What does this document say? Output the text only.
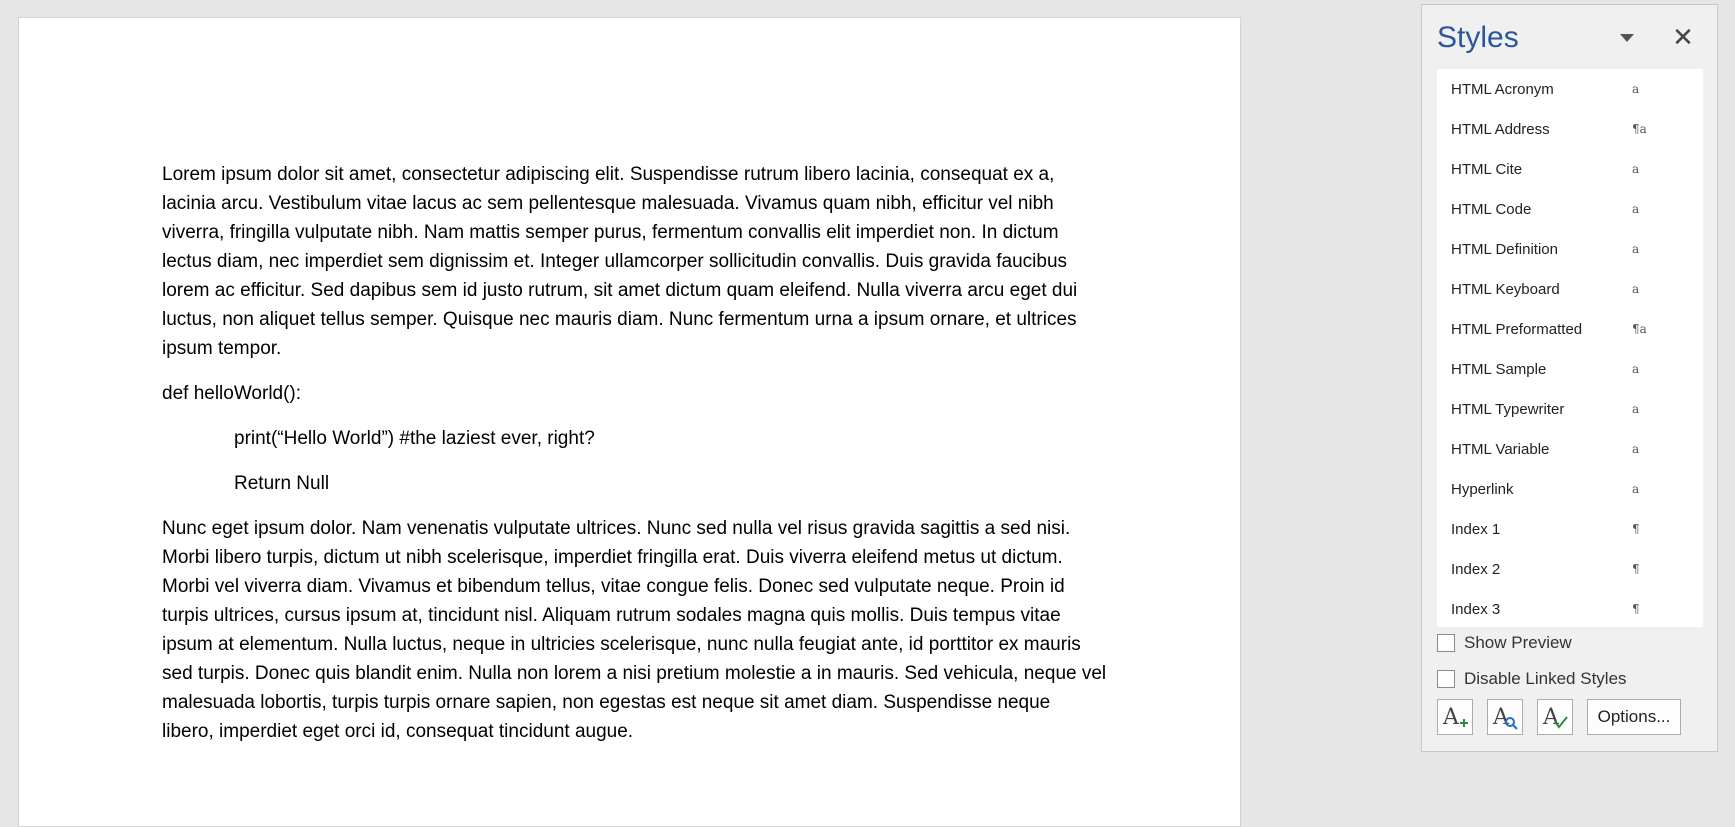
Lorem ipsum dolor sit amet, consectetur adipiscing elit. Suspendisse rutrum libero lacinia, consequat ex a, lacinia arcu. Vestibulum vitae lacus ac sem pellentesque malesuada. Vivamus quam nibh, efficitur vel nibh viverra, fringilla vulputate nibh. Nam mattis semper purus, fermentum convallis elit imperdiet non. In dictum lectus diam, nec imperdiet sem dignissim et. Integer ullamcorper sollicitudin convallis. Duis gravida faucibus lorem ac efficitur. Sed dapibus sem id justo rutrum, sit amet dictum quam eleifend. Nulla viverra arcu eget dui luctus, non aliquet tellus semper. Quisque nec mauris diam. Nunc fermentum urna a ipsum ornare, et ultrices ipsum tempor.

def helloWorld():

print(“Hello World”) #the laziest ever, right?

Return Null

Nunc eget ipsum dolor. Nam venenatis vulputate ultrices. Nunc sed nulla vel risus gravida sagittis a sed nisi. Morbi libero turpis, dictum ut nibh scelerisque, imperdiet fringilla erat. Duis viverra eleifend metus ut dictum. Morbi vel viverra diam. Vivamus et bibendum tellus, vitae congue felis. Donec sed vulputate neque. Proin id turpis ultrices, cursus ipsum at, tincidunt nisl. Aliquam rutrum sodales magna quis mollis. Duis tempus vitae ipsum at elementum. Nulla luctus, neque in ultricies scelerisque, nunc nulla feugiat ante, id porttitor ex mauris sed turpis. Donec quis blandit enim. Nulla non lorem a nisi pretium molestie a in mauris. Sed vehicula, neque vel malesuada lobortis, turpis turpis ornare sapien, non egestas est neque sit amet diam. Suspendisse neque libero, imperdiet eget orci id, consequat tincidunt augue.

Styles	✕
HTML Acronym	a
HTML Address	¶a
HTML Cite	a
HTML Code	a
HTML Definition	a
HTML Keyboard	a
HTML Preformatted	¶a
HTML Sample	a
HTML Typewriter	a
HTML Variable	a
Hyperlink	a
Index 1	¶
Index 2	¶
Index 3	¶
Show Preview
Disable Linked Styles
A A A	Options...
